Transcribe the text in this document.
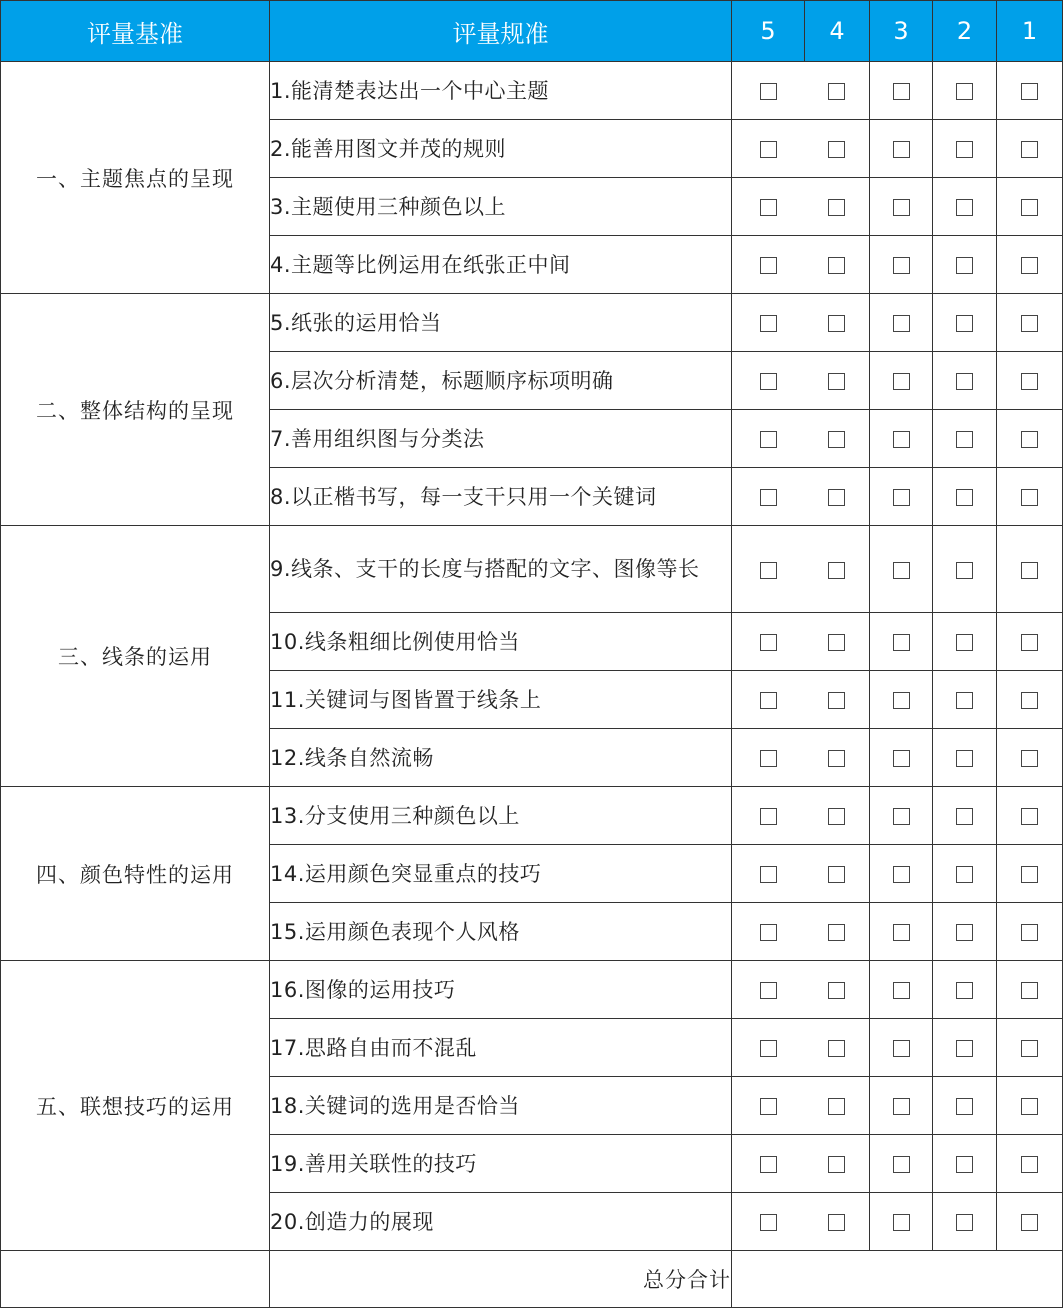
评量基准	评量规准	5	4	3	2	1
一、主题焦点的呈现	1.能清楚表达出一个中心主题					
	2.能善用图文并茂的规则					
	3.主题使用三种颜色以上					
	4.主题等比例运用在纸张正中间					
二、整体结构的呈现	5.纸张的运用恰当					
	6.层次分析清楚，标题顺序标项明确					
	7.善用组织图与分类法					
	8.以正楷书写，每一支干只用一个关键词					
三、线条的运用	9.线条、支干的长度与搭配的文字、图像等长					
	10.线条粗细比例使用恰当					
	11.关键词与图皆置于线条上					
	12.线条自然流畅					
四、颜色特性的运用	13.分支使用三种颜色以上					
	14.运用颜色突显重点的技巧					
	15.运用颜色表现个人风格					
五、联想技巧的运用	16.图像的运用技巧					
	17.思路自由而不混乱					
	18.关键词的选用是否恰当					
	19.善用关联性的技巧					
	20.创造力的展现					
	总分合计					
